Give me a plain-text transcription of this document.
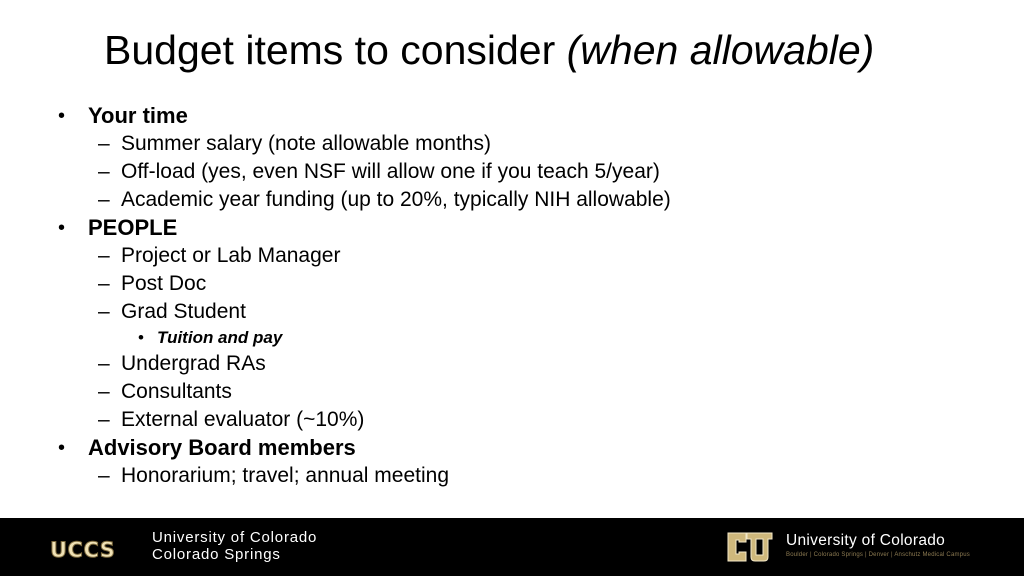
Budget items to consider (when allowable)
• Your time
– Summer salary (note allowable months)
– Off-load (yes, even NSF will allow one if you teach 5/year)
– Academic year funding (up to 20%, typically NIH allowable)
• PEOPLE
– Project or Lab Manager
– Post Doc
– Grad Student
• Tuition and pay
– Undergrad RAs
– Consultants
– External evaluator (~10%)
• Advisory Board members
– Honorarium; travel; annual meeting
UCCS
University of Colorado
Colorado Springs
University of Colorado
Boulder | Colorado Springs | Denver | Anschutz Medical Campus
